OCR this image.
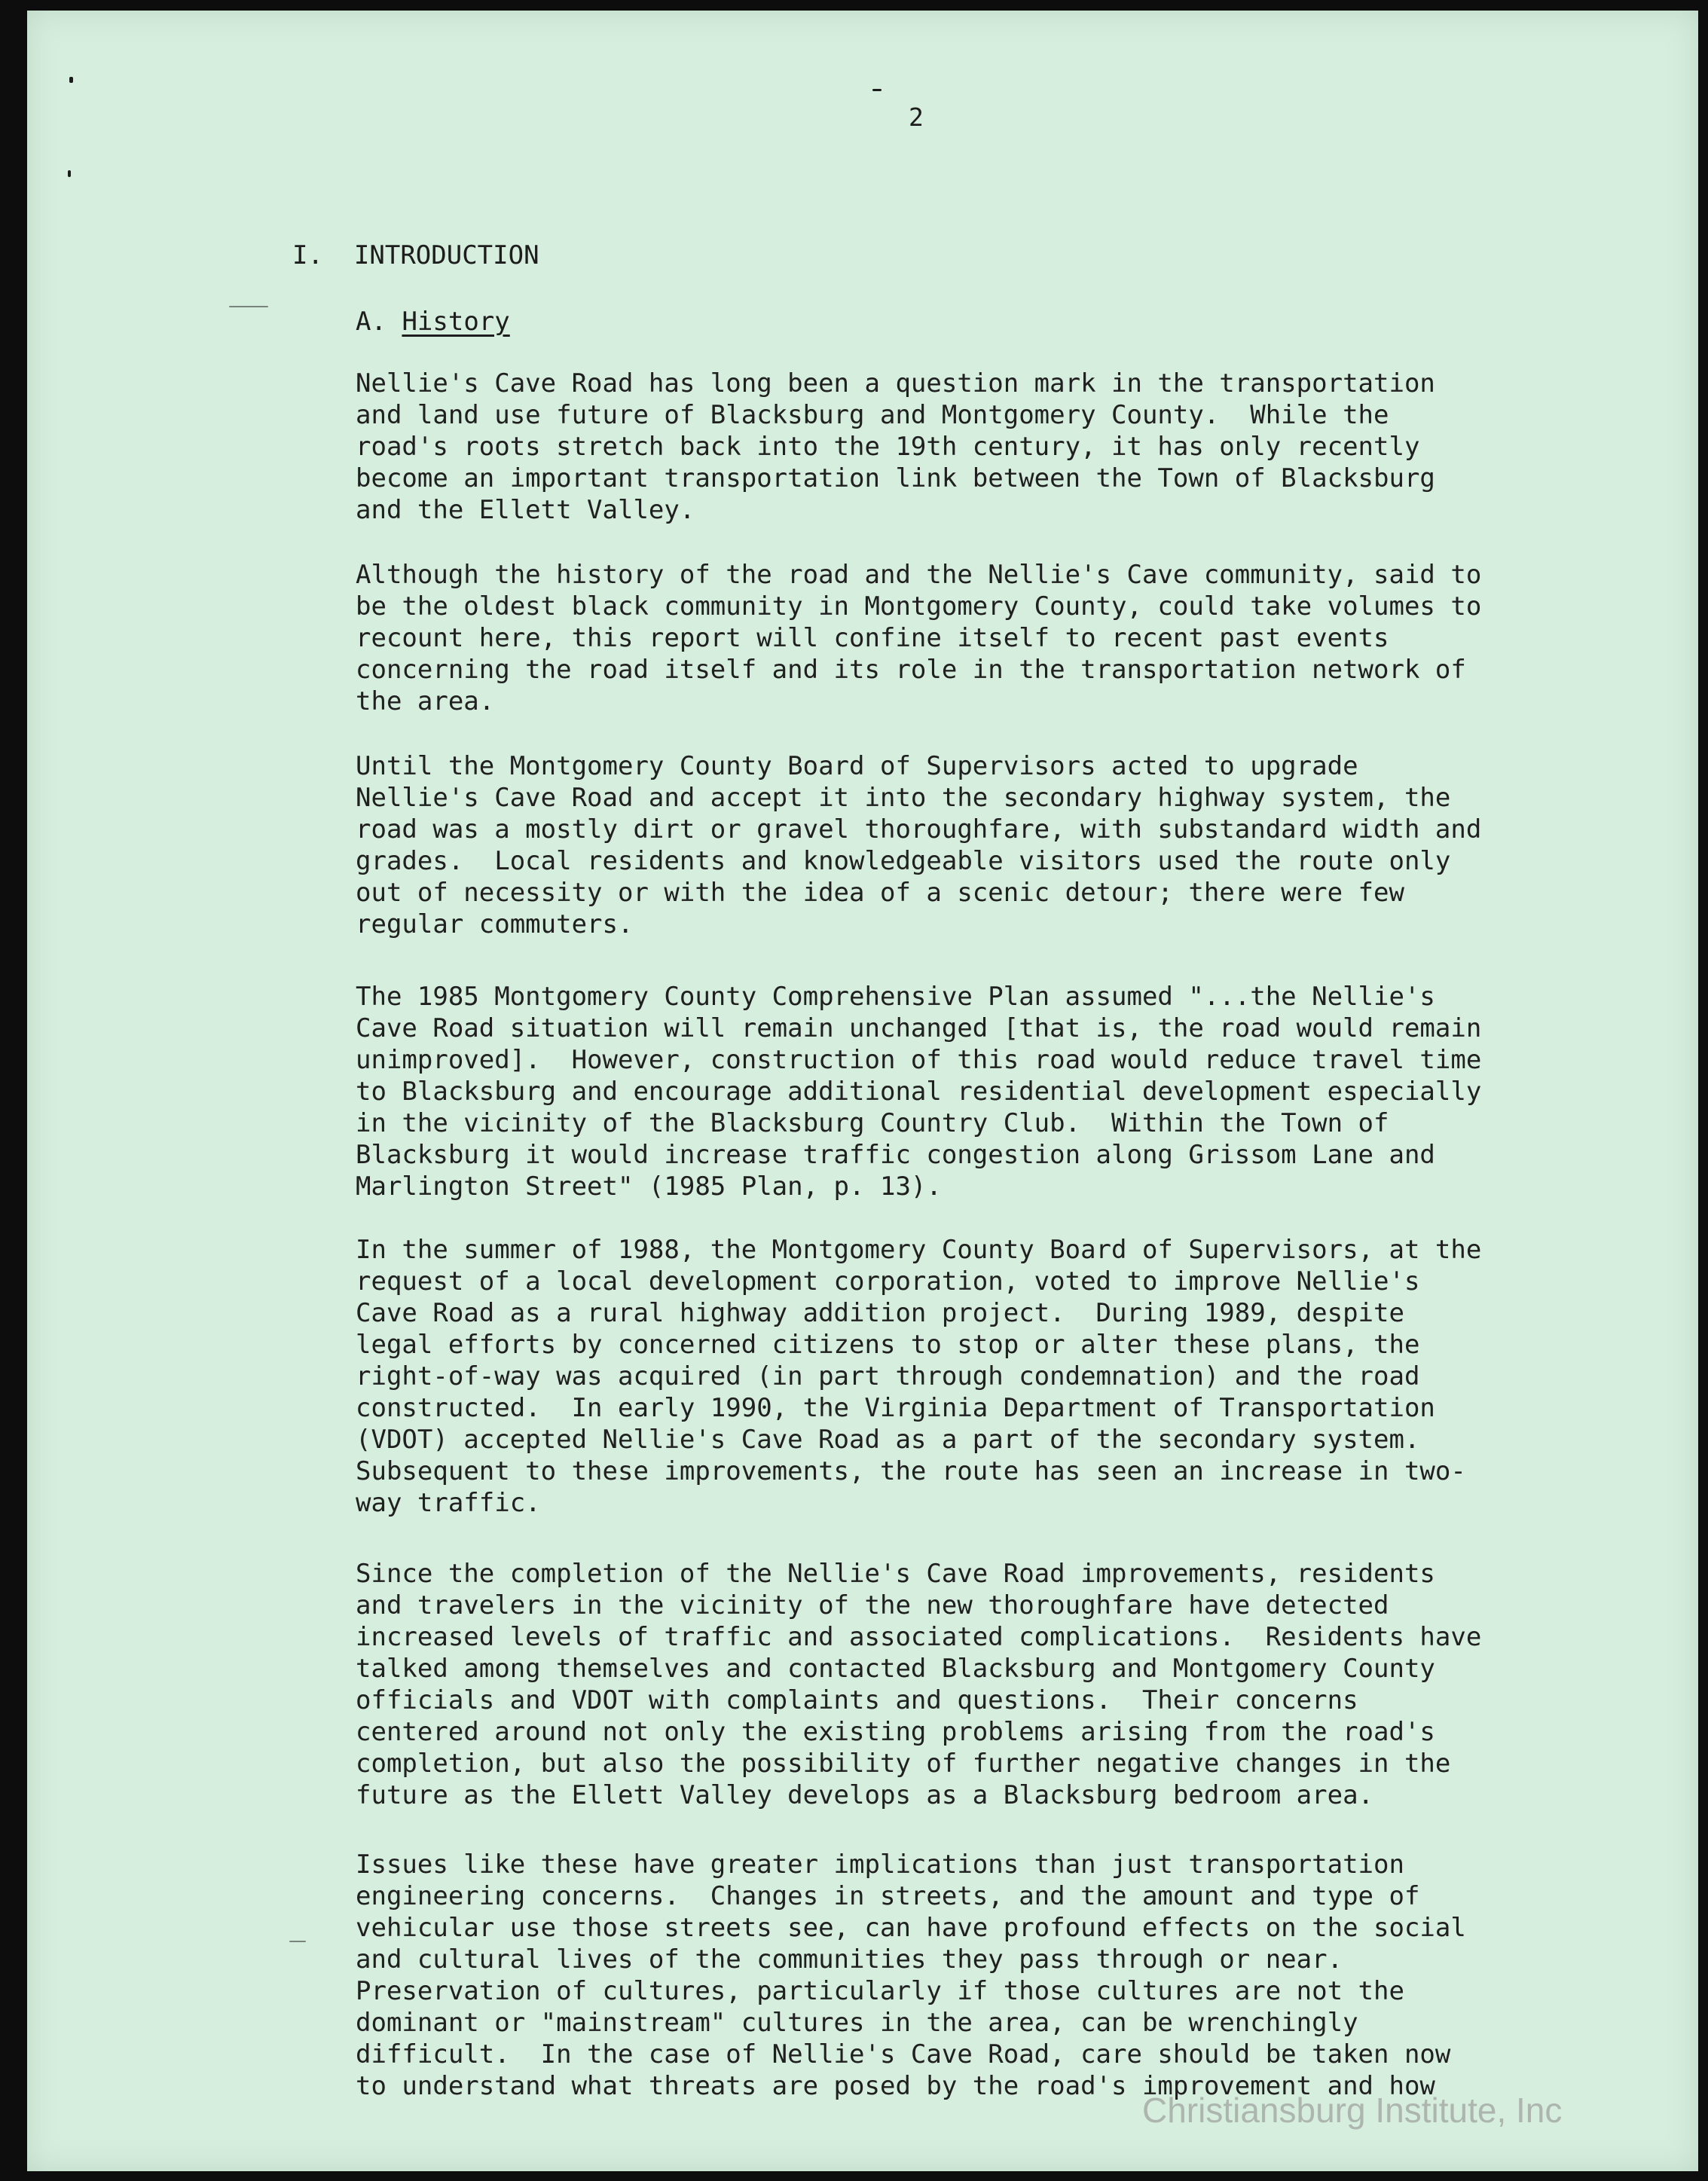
2
I. INTRODUCTION
A. History

Nellie's Cave Road has long been a question mark in the transportation
and land use future of Blacksburg and Montgomery County.  While the
road's roots stretch back into the 19th century, it has only recently
become an important transportation link between the Town of Blacksburg
and the Ellett Valley.

Although the history of the road and the Nellie's Cave community, said to
be the oldest black community in Montgomery County, could take volumes to
recount here, this report will confine itself to recent past events
concerning the road itself and its role in the transportation network of
the area.

Until the Montgomery County Board of Supervisors acted to upgrade
Nellie's Cave Road and accept it into the secondary highway system, the
road was a mostly dirt or gravel thoroughfare, with substandard width and
grades.  Local residents and knowledgeable visitors used the route only
out of necessity or with the idea of a scenic detour; there were few
regular commuters.

The 1985 Montgomery County Comprehensive Plan assumed "...the Nellie's
Cave Road situation will remain unchanged [that is, the road would remain
unimproved].  However, construction of this road would reduce travel time
to Blacksburg and encourage additional residential development especially
in the vicinity of the Blacksburg Country Club.  Within the Town of
Blacksburg it would increase traffic congestion along Grissom Lane and
Marlington Street" (1985 Plan, p. 13).

In the summer of 1988, the Montgomery County Board of Supervisors, at the
request of a local development corporation, voted to improve Nellie's
Cave Road as a rural highway addition project.  During 1989, despite
legal efforts by concerned citizens to stop or alter these plans, the
right-of-way was acquired (in part through condemnation) and the road
constructed.  In early 1990, the Virginia Department of Transportation
(VDOT) accepted Nellie's Cave Road as a part of the secondary system.
Subsequent to these improvements, the route has seen an increase in two-
way traffic.

Since the completion of the Nellie's Cave Road improvements, residents
and travelers in the vicinity of the new thoroughfare have detected
increased levels of traffic and associated complications.  Residents have
talked among themselves and contacted Blacksburg and Montgomery County
officials and VDOT with complaints and questions.  Their concerns
centered around not only the existing problems arising from the road's
completion, but also the possibility of further negative changes in the
future as the Ellett Valley develops as a Blacksburg bedroom area.

Issues like these have greater implications than just transportation
engineering concerns.  Changes in streets, and the amount and type of
vehicular use those streets see, can have profound effects on the social
and cultural lives of the communities they pass through or near.
Preservation of cultures, particularly if those cultures are not the
dominant or "mainstream" cultures in the area, can be wrenchingly
difficult.  In the case of Nellie's Cave Road, care should be taken now
to understand what threats are posed by the road's improvement and how

Christiansburg Institute, Inc
